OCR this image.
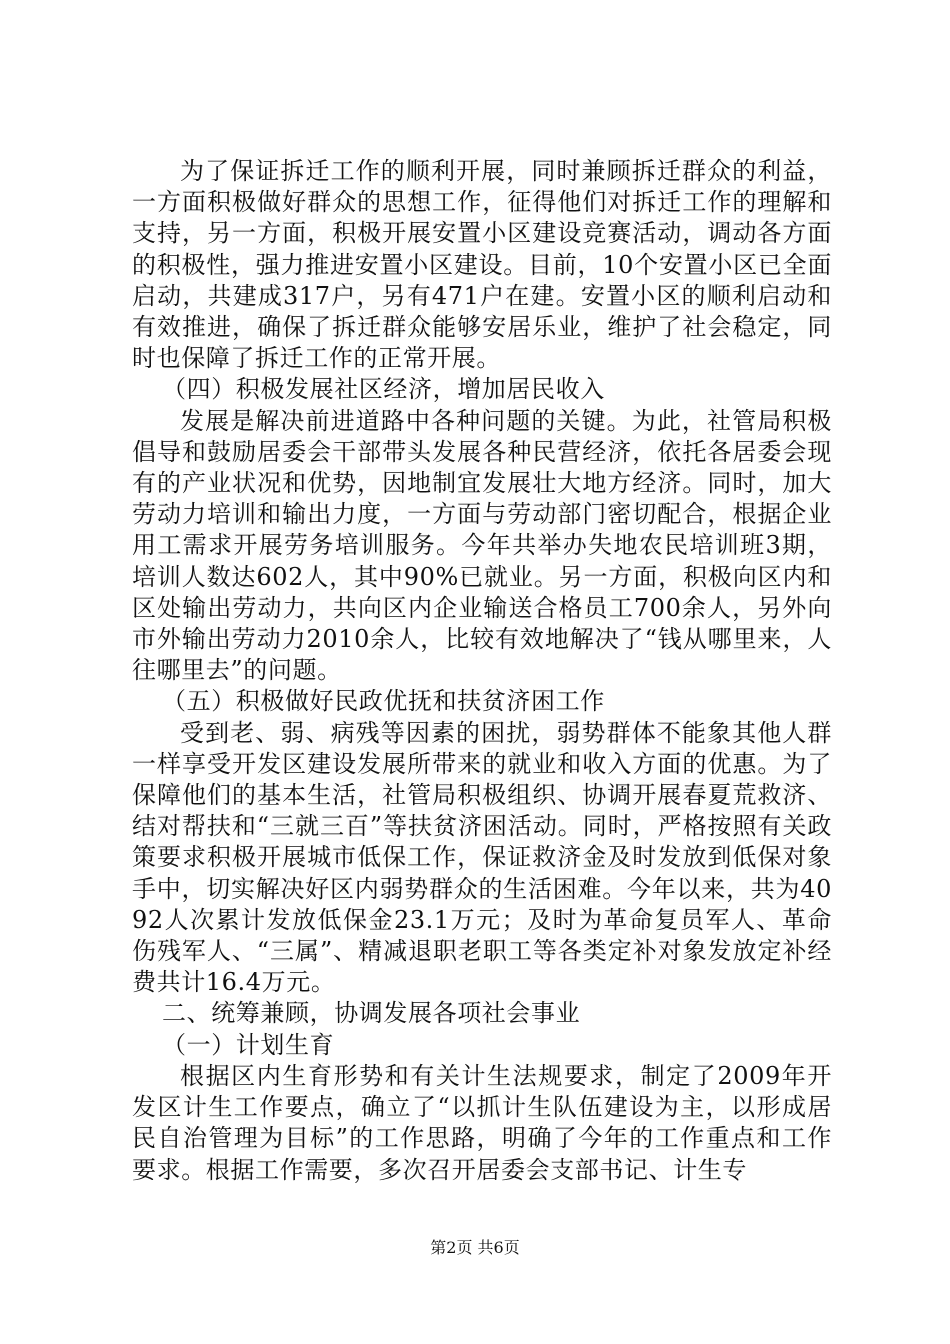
为了保证拆迁工作的顺利开展，同时兼顾拆迁群众的利益，一方面积极做好群众的思想工作，征得他们对拆迁工作的理解和支持，另一方面，积极开展安置小区建设竞赛活动，调动各方面的积极性，强力推进安置小区建设。目前，10个安置小区已全面启动，共建成317户，另有471户在建。安置小区的顺利启动和有效推进，确保了拆迁群众能够安居乐业，维护了社会稳定，同时也保障了拆迁工作的正常开展。

（四）积极发展社区经济，增加居民收入

发展是解决前进道路中各种问题的关键。为此，社管局积极倡导和鼓励居委会干部带头发展各种民营经济，依托各居委会现有的产业状况和优势，因地制宜发展壮大地方经济。同时，加大劳动力培训和输出力度，一方面与劳动部门密切配合，根据企业用工需求开展劳务培训服务。今年共举办失地农民培训班3期，培训人数达602人，其中90%已就业。另一方面，积极向区内和区处输出劳动力，共向区内企业输送合格员工700余人，另外向市外输出劳动力2010余人，比较有效地解决了“钱从哪里来，人往哪里去”的问题。

（五）积极做好民政优抚和扶贫济困工作

受到老、弱、病残等因素的困扰，弱势群体不能象其他人群一样享受开发区建设发展所带来的就业和收入方面的优惠。为了保障他们的基本生活，社管局积极组织、协调开展春夏荒救济、结对帮扶和“三就三百”等扶贫济困活动。同时，严格按照有关政策要求积极开展城市低保工作，保证救济金及时发放到低保对象手中，切实解决好区内弱势群众的生活困难。今年以来，共为4092人次累计发放低保金23.1万元；及时为革命复员军人、革命伤残军人、“三属”、精减退职老职工等各类定补对象发放定补经费共计16.4万元。

二、统筹兼顾，协调发展各项社会事业

（一）计划生育

根据区内生育形势和有关计生法规要求，制定了2009年开发区计生工作要点，确立了“以抓计生队伍建设为主，以形成居民自治管理为目标”的工作思路，明确了今年的工作重点和工作要求。根据工作需要，多次召开居委会支部书记、计生专

第2页 共6页
